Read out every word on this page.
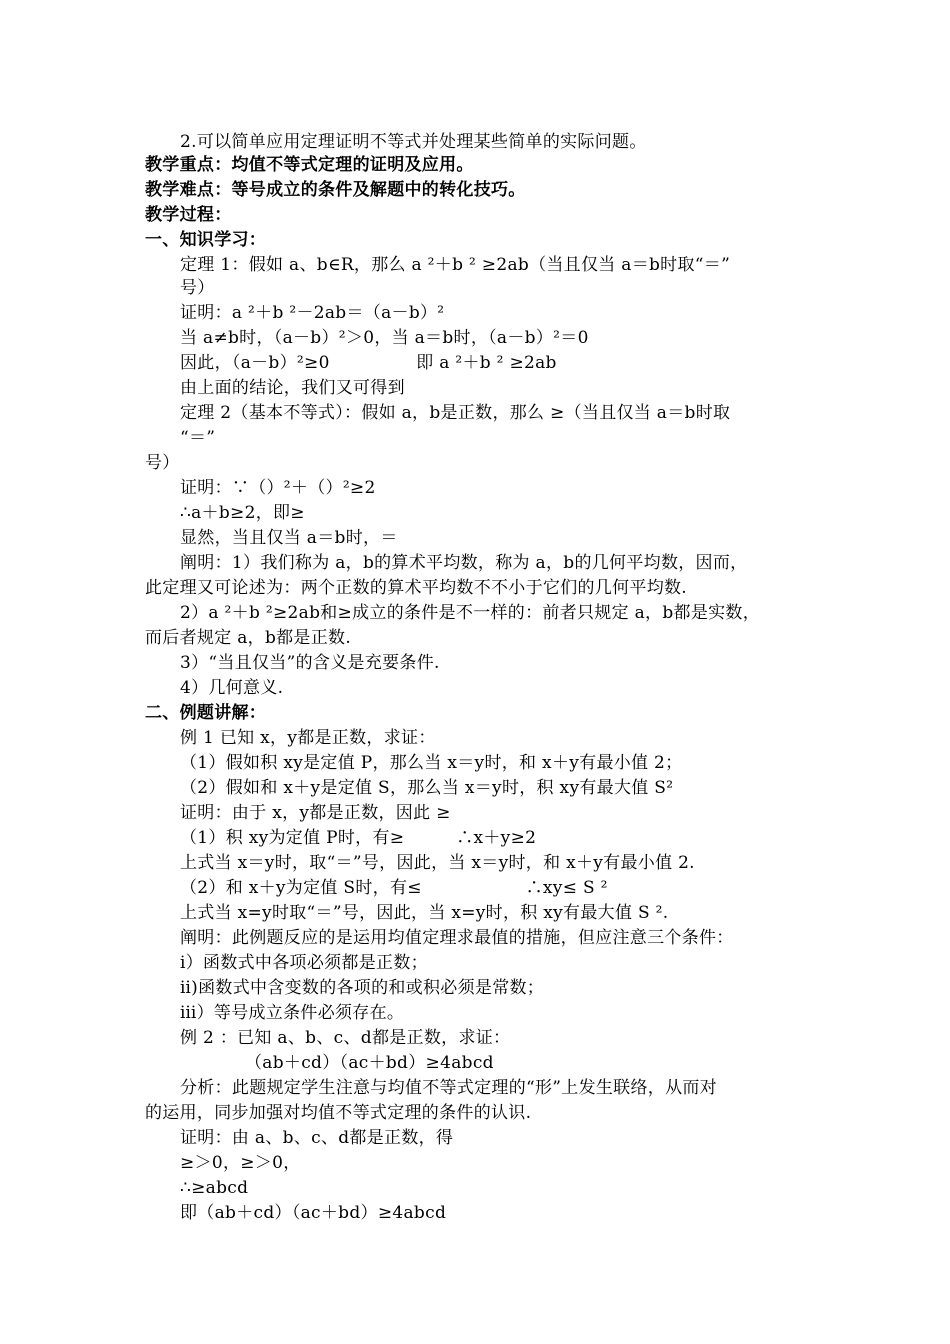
2.可以简单应用定理证明不等式并处理某些简单的实际问题。
教学重点：均值不等式定理的证明及应用。
教学难点：等号成立的条件及解题中的转化技巧。
教学过程：
一、知识学习：
定理 1：假如 a、b∈R，那么 a ²＋b ² ≥2ab（当且仅当 a＝b时取“＝”
号）
证明：a ²＋b ²－2ab＝（a－b）²
当 a≠b时，（a－b）²＞0，当 a＝b时，（a－b）²＝0
因此，（a－b）²≥0　　　　　即 a ²＋b ² ≥2ab
由上面的结论，我们又可得到
定理 2（基本不等式）：假如 a，b是正数，那么 ≥（当且仅当 a＝b时取
“＝”
号）
证明：∵（）²＋（）²≥2
∴a＋b≥2，即≥
显然，当且仅当 a＝b时，＝
阐明：1）我们称为 a，b的算术平均数，称为 a，b的几何平均数，因而，
此定理又可论述为：两个正数的算术平均数不不小于它们的几何平均数.
2）a ²＋b ²≥2ab和≥成立的条件是不一样的：前者只规定 a，b都是实数，
而后者规定 a，b都是正数.
3）“当且仅当”的含义是充要条件.
4）几何意义.
二、例题讲解：
例 1 已知 x，y都是正数，求证：
（1）假如积 xy是定值 P，那么当 x＝y时，和 x＋y有最小值 2；
（2）假如和 x＋y是定值 S，那么当 x＝y时，积 xy有最大值 S²
证明：由于 x，y都是正数，因此 ≥
（1）积 xy为定值 P时，有≥　　　∴x＋y≥2
上式当 x＝y时，取“＝”号，因此，当 x＝y时，和 x＋y有最小值 2.
（2）和 x＋y为定值 S时，有≤　　　　　　∴xy≤ S ²
上式当 x=y时取“＝”号，因此，当 x=y时，积 xy有最大值 S ².
阐明：此例题反应的是运用均值定理求最值的措施，但应注意三个条件：
ⅰ）函数式中各项必须都是正数；
ⅱ)函数式中含变数的各项的和或积必须是常数；
ⅲ）等号成立条件必须存在。
例 2 ：已知 a、b、c、d都是正数，求证：
（ab＋cd）（ac＋bd）≥4abcd
分析：此题规定学生注意与均值不等式定理的“形”上发生联络，从而对
的运用，同步加强对均值不等式定理的条件的认识.
证明：由 a、b、c、d都是正数，得
≥＞0，≥＞0，
∴≥abcd
即（ab＋cd）（ac＋bd）≥4abcd
